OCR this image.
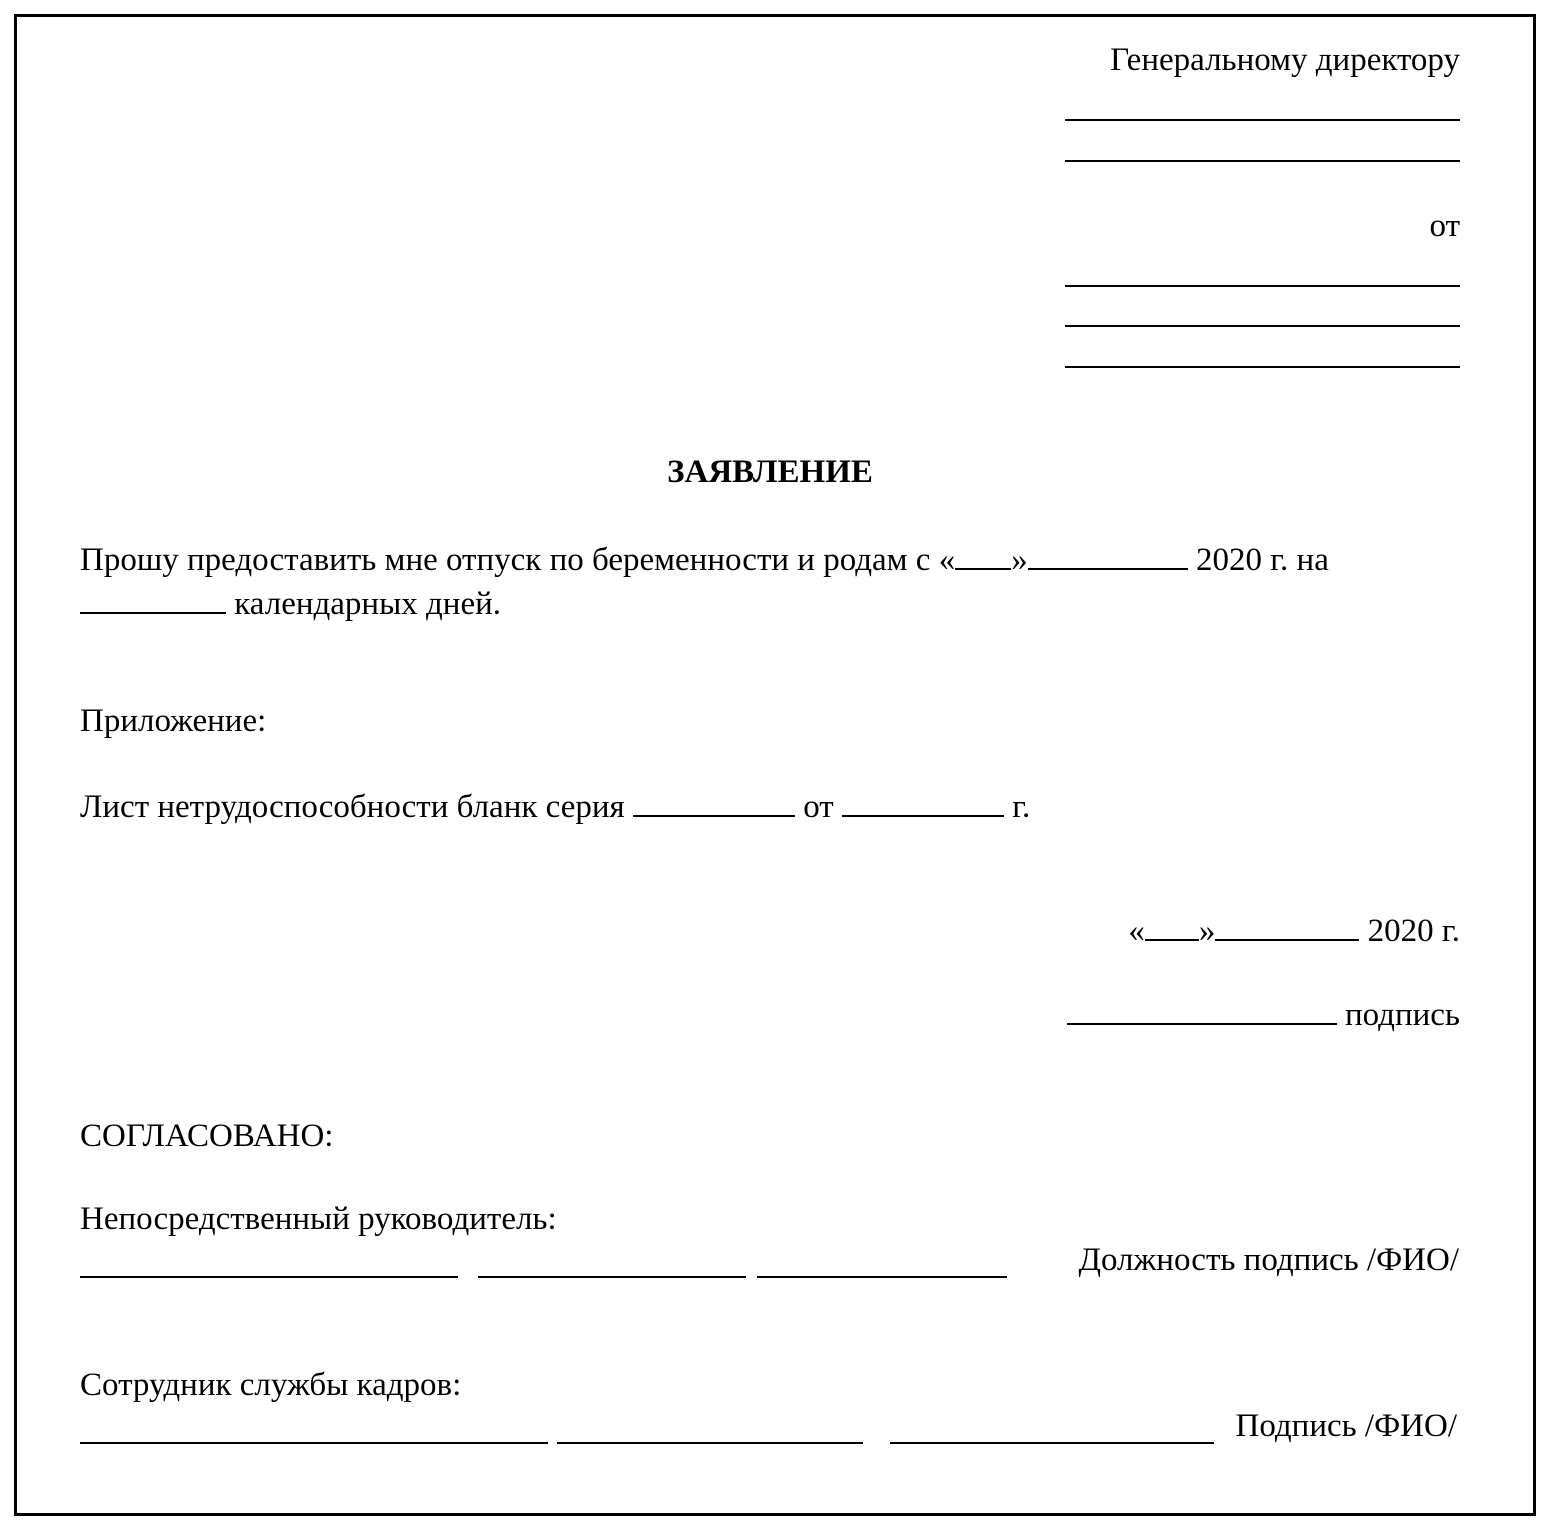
Генеральному директору
от
ЗАЯВЛЕНИЕ
Прошу предоставить мне отпуск по беременности и родам с « »	2020 г. на
календарных дней.
Приложение:
Лист нетрудоспособности бланк серия	от	г.
« »	2020 г.
подпись
СОГЛАСОВАНО:
Непосредственный руководитель:
Должность подпись /ФИО/
Сотрудник службы кадров:
Подпись /ФИО/
